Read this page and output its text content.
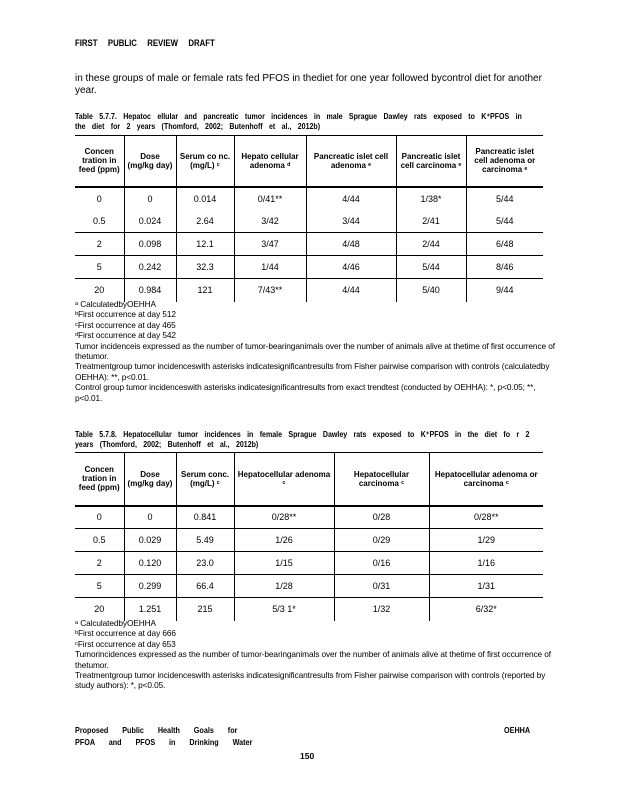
FIRST PUBLIC REVIEW DRAFT
in these groups of male or female rats fed PFOS in thediet for one year followed bycontrol diet for another year.
Table 5.7.7. Hepatoc ellular and pancreatic tumor incidences in male Sprague Dawley rats exposed to K⁺PFOS in the diet for 2 years (Thomford, 2002; Butenhoff et al., 2012b)
Concen tration in feed (ppm)	Dose (mg/kg day)	Serum co nc. (mg/L) ᶜ	Hepato cellular adenoma ᵈ	Pancreatic islet cell adenoma ᵉ	Pancreatic islet cell carcinoma ᵉ	Pancreatic islet cell adenoma or carcinoma ᵉ
0	0	0.014	0/41**	4/44	1/38*	5/44
0.5	0.024	2.64	3/42	3/44	2/41	5/44
2	0.098	12.1	3/47	4/48	2/44	6/48
5	0.242	32.3	1/44	4/46	5/44	8/46
20	0.984	121	7/43**	4/44	5/40	9/44
ᵃ CalculatedbyOEHHA
ᵇFirst occurrence at day 512
ᶜFirst occurrence at day 465
ᵈFirst occurrence at day 542
Tumor incidenceis expressed as the number of tumor-bearinganimals over the number of animals alive at thetime of first occurrence of thetumor.
Treatmentgroup tumor incidenceswith asterisks indicatesignificantresults from Fisher pairwise comparison with controls (calculatedby OEHHA): **, p<0.01.
Control group tumor incidenceswith asterisks indicatesignificantresults from exact trendtest (conducted by OEHHA): *, p<0.05; **, p<0.01.
Table 5.7.8. Hepatocellular tumor incidences in female Sprague Dawley rats exposed to K⁺PFOS in the diet fo r 2 years (Thomford, 2002; Butenhoff et al., 2012b)
Concen tration in feed (ppm)	Dose (mg/kg day)	Serum conc. (mg/L) ᶜ	Hepatocellular adenoma ᶜ	Hepatocellular carcinoma ᶜ	Hepatocellular adenoma or carcinoma ᶜ
0	0	0.841	0/28**	0/28	0/28**
0.5	0.029	5.49	1/26	0/29	1/29
2	0.120	23.0	1/15	0/16	1/16
5	0.299	66.4	1/28	0/31	1/31
20	1.251	215	5/3 1*	1/32	6/32*
ᵃ CalculatedbyOEHHA
ᵇFirst occurrence at day 666
ᶜFirst occurrence at day 653
Tumorincidences expressed as the number of tumor-bearinganimals over the number of animals alive at thetime of first occurrence of thetumor.
Treatmentgroup tumor incidenceswith asterisks indicatesignificantresults from Fisher pairwise comparison with controls (reported by study authors): *, p<0.05.
Proposed Public Health Goals for
PFOA and PFOS in Drinking Water
OEHHA
150
